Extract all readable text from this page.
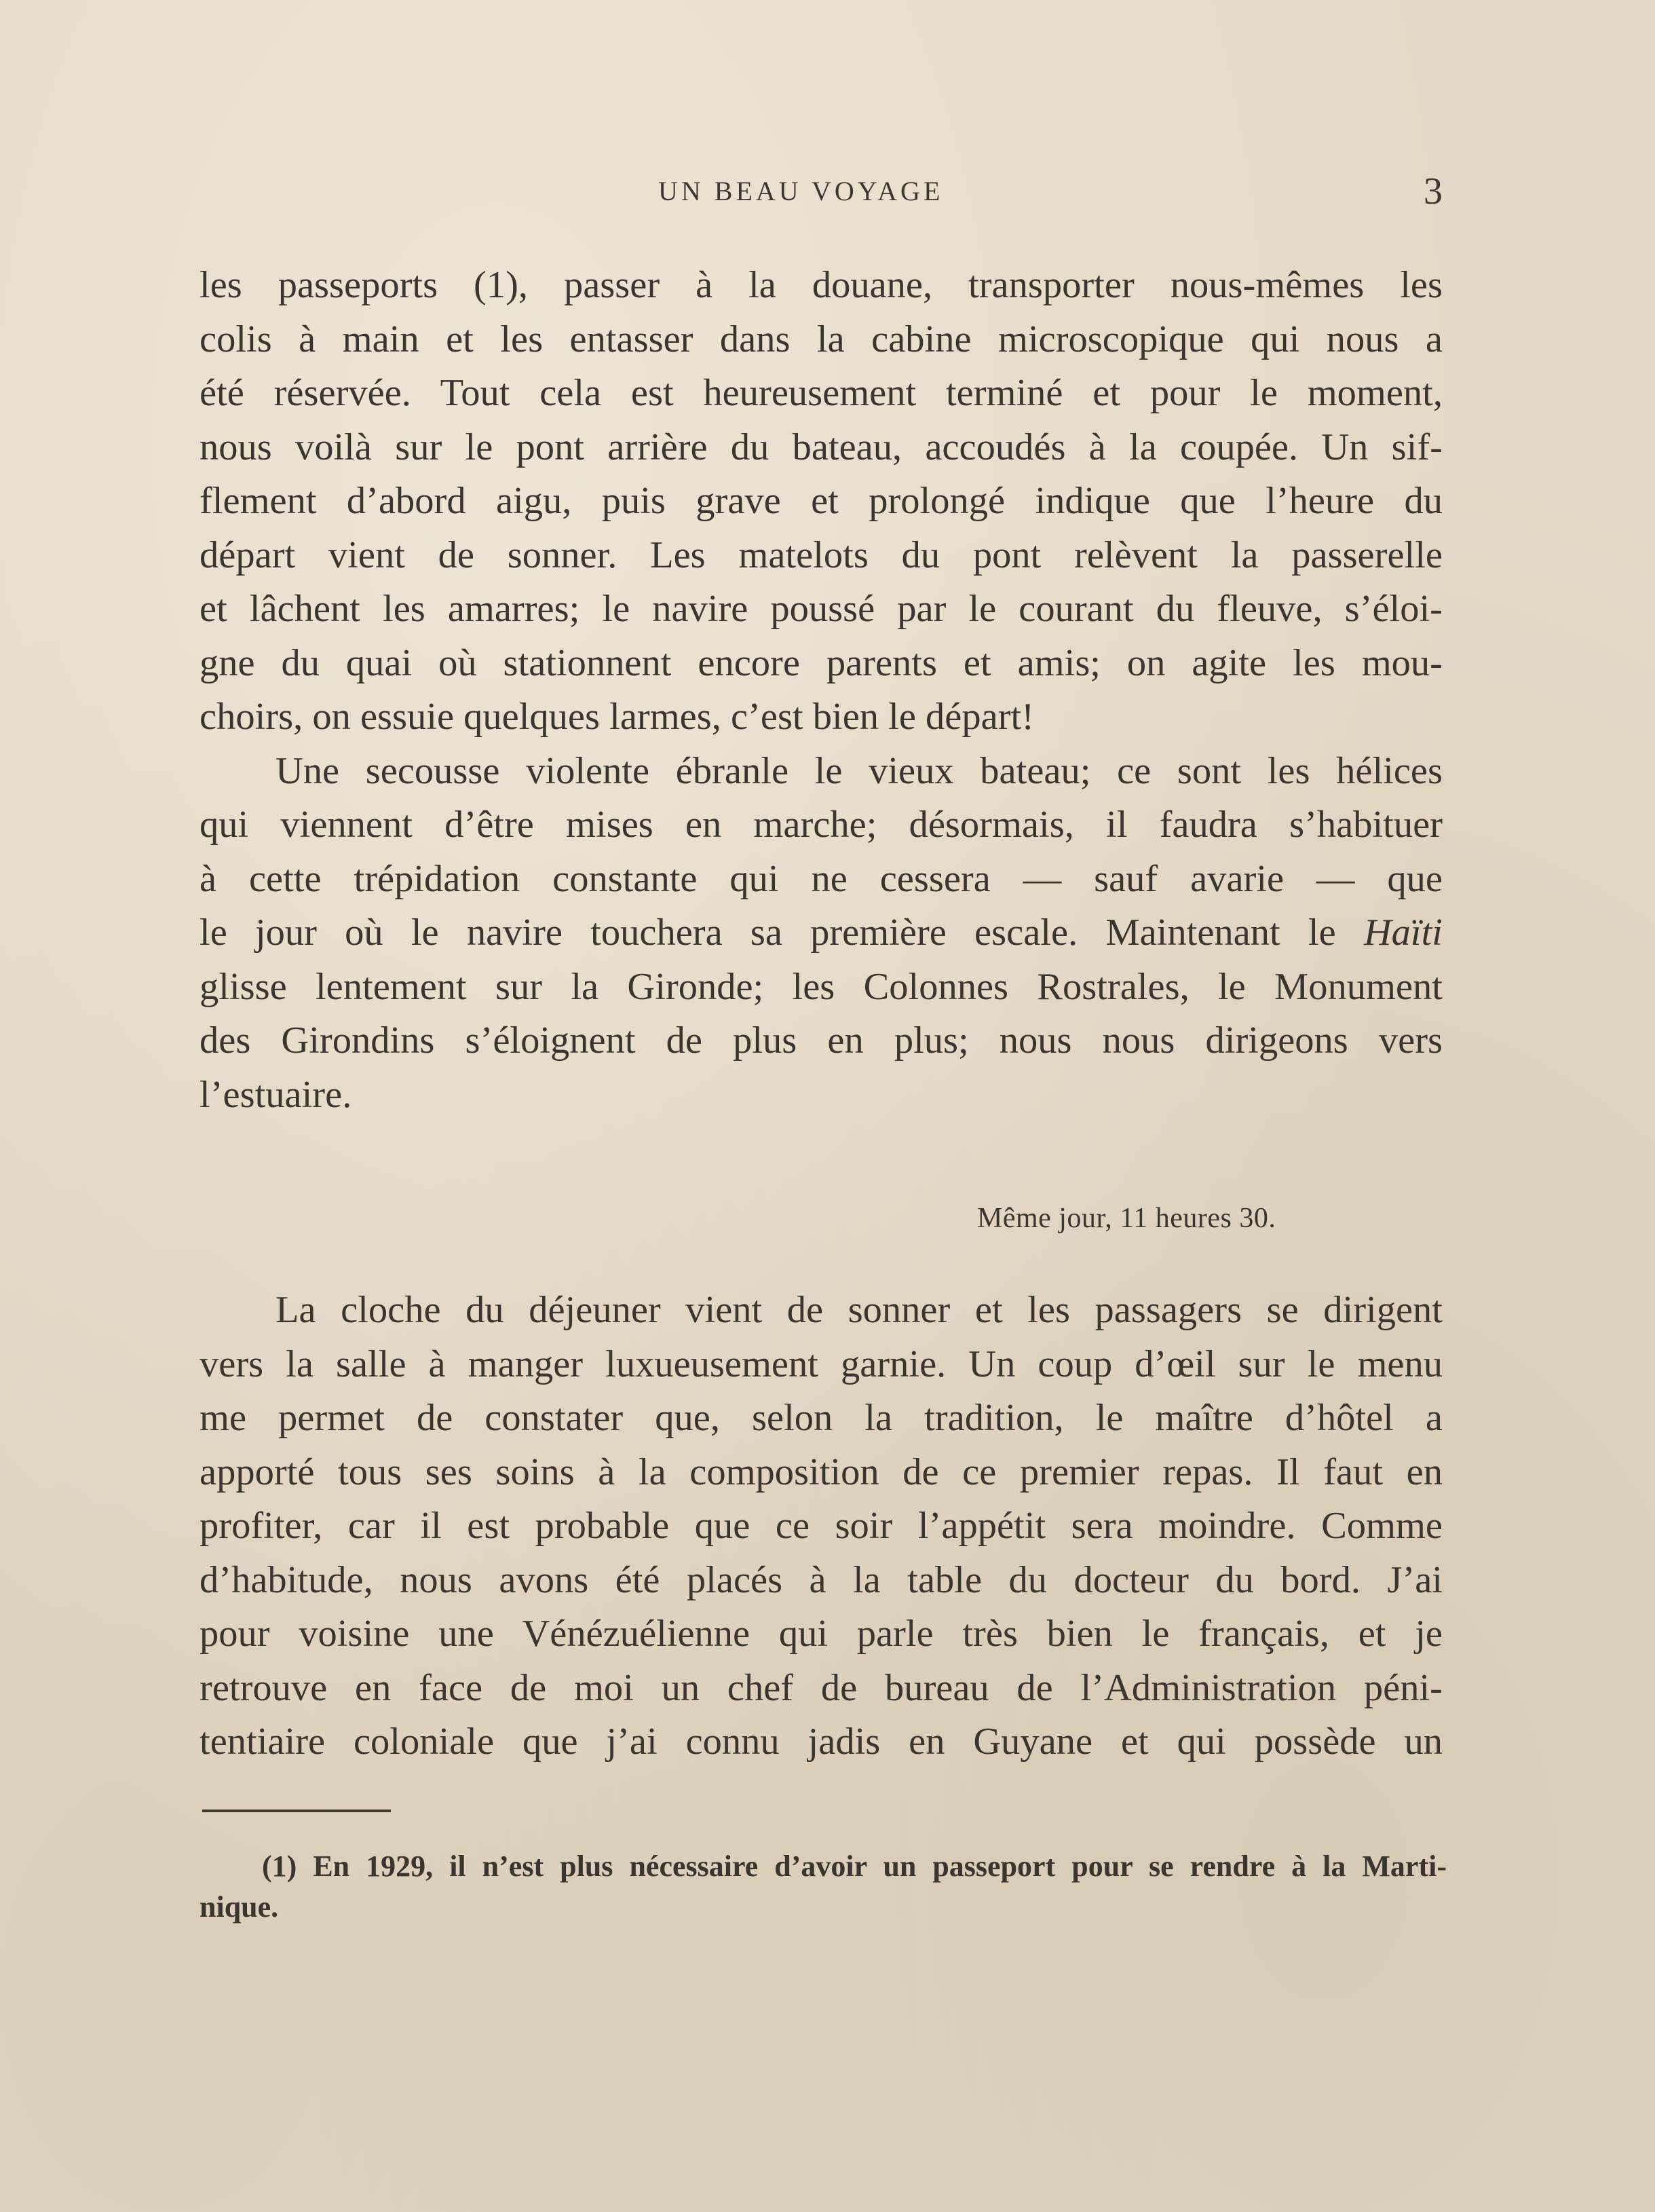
UN BEAU VOYAGE	3
les passeports (1), passer à la douane, transporter nous-mêmes les
colis à main et les entasser dans la cabine microscopique qui nous a
été réservée. Tout cela est heureusement terminé et pour le moment,
nous voilà sur le pont arrière du bateau, accoudés à la coupée. Un sif-
flement d’abord aigu, puis grave et prolongé indique que l’heure du
départ vient de sonner. Les matelots du pont relèvent la passerelle
et lâchent les amarres; le navire poussé par le courant du fleuve, s’éloi-
gne du quai où stationnent encore parents et amis; on agite les mou-
choirs, on essuie quelques larmes, c’est bien le départ!
Une secousse violente ébranle le vieux bateau; ce sont les hélices
qui viennent d’être mises en marche; désormais, il faudra s’habituer
à cette trépidation constante qui ne cessera — sauf avarie — que
le jour où le navire touchera sa première escale. Maintenant le Haïti
glisse lentement sur la Gironde; les Colonnes Rostrales, le Monument
des Girondins s’éloignent de plus en plus; nous nous dirigeons vers
l’estuaire.
Même jour, 11 heures 30.
La cloche du déjeuner vient de sonner et les passagers se dirigent
vers la salle à manger luxueusement garnie. Un coup d’œil sur le menu
me permet de constater que, selon la tradition, le maître d’hôtel a
apporté tous ses soins à la composition de ce premier repas. Il faut en
profiter, car il est probable que ce soir l’appétit sera moindre. Comme
d’habitude, nous avons été placés à la table du docteur du bord. J’ai
pour voisine une Vénézuélienne qui parle très bien le français, et je
retrouve en face de moi un chef de bureau de l’Administration péni-
tentiaire coloniale que j’ai connu jadis en Guyane et qui possède un
(1) En 1929, il n’est plus nécessaire d’avoir un passeport pour se rendre à la Marti-
nique.
